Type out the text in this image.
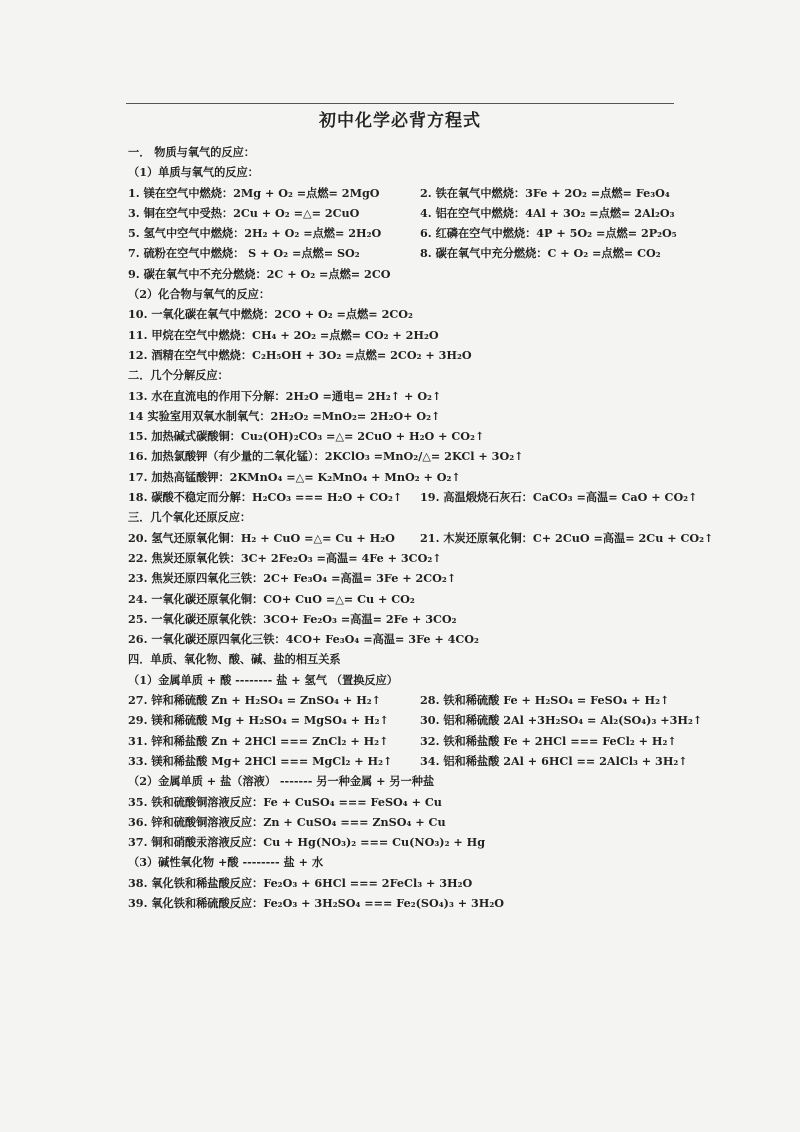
初中化学必背方程式
一． 物质与氧气的反应：
（1）单质与氧气的反应：
1. 镁在空气中燃烧：2Mg + O₂ =点燃= 2MgO	2. 铁在氧气中燃烧：3Fe + 2O₂ =点燃= Fe₃O₄
3. 铜在空气中受热：2Cu + O₂ =△= 2CuO	4. 铝在空气中燃烧：4Al + 3O₂ =点燃= 2Al₂O₃
5. 氢气中空气中燃烧：2H₂ + O₂ =点燃= 2H₂O	6. 红磷在空气中燃烧：4P + 5O₂ =点燃= 2P₂O₅
7. 硫粉在空气中燃烧： S + O₂ =点燃= SO₂	8. 碳在氧气中充分燃烧：C + O₂ =点燃= CO₂
9. 碳在氧气中不充分燃烧：2C + O₂ =点燃= 2CO
（2）化合物与氧气的反应：
10. 一氧化碳在氧气中燃烧：2CO + O₂ =点燃= 2CO₂
11. 甲烷在空气中燃烧：CH₄ + 2O₂ =点燃= CO₂ + 2H₂O
12. 酒精在空气中燃烧：C₂H₅OH + 3O₂ =点燃= 2CO₂ + 3H₂O
二．几个分解反应：
13. 水在直流电的作用下分解：2H₂O =通电= 2H₂↑ + O₂↑
14 实验室用双氧水制氧气：2H₂O₂ =MnO₂= 2H₂O+ O₂↑
15. 加热碱式碳酸铜：Cu₂(OH)₂CO₃ =△= 2CuO + H₂O + CO₂↑
16. 加热氯酸钾（有少量的二氧化锰）：2KClO₃ =MnO₂/△= 2KCl + 3O₂↑
17. 加热高锰酸钾：2KMnO₄ =△= K₂MnO₄ + MnO₂ + O₂↑
18. 碳酸不稳定而分解：H₂CO₃ === H₂O + CO₂↑ 19. 高温煅烧石灰石：CaCO₃ =高温= CaO + CO₂↑
三．几个氧化还原反应：
20. 氢气还原氧化铜：H₂ + CuO =△= Cu + H₂O 21. 木炭还原氧化铜：C+ 2CuO =高温= 2Cu + CO₂↑
22. 焦炭还原氧化铁：3C+ 2Fe₂O₃ =高温= 4Fe + 3CO₂↑
23. 焦炭还原四氧化三铁：2C+ Fe₃O₄ =高温= 3Fe + 2CO₂↑
24. 一氧化碳还原氧化铜：CO+ CuO =△= Cu + CO₂
25. 一氧化碳还原氧化铁：3CO+ Fe₂O₃ =高温= 2Fe + 3CO₂
26. 一氧化碳还原四氧化三铁：4CO+ Fe₃O₄ =高温= 3Fe + 4CO₂
四．单质、氧化物、酸、碱、盐的相互关系
（1）金属单质 + 酸 -------- 盐 + 氢气 （置换反应）
27. 锌和稀硫酸 Zn + H₂SO₄ = ZnSO₄ + H₂↑	28. 铁和稀硫酸 Fe + H₂SO₄ = FeSO₄ + H₂↑
29. 镁和稀硫酸 Mg + H₂SO₄ = MgSO₄ + H₂↑	30. 铝和稀硫酸 2Al +3H₂SO₄ = Al₂(SO₄)₃ +3H₂↑
31. 锌和稀盐酸 Zn + 2HCl === ZnCl₂ + H₂↑	32. 铁和稀盐酸 Fe + 2HCl === FeCl₂ + H₂↑
33. 镁和稀盐酸 Mg+ 2HCl === MgCl₂ + H₂↑ 34. 铝和稀盐酸 2Al + 6HCl == 2AlCl₃ + 3H₂↑
（2）金属单质 + 盐（溶液） ------- 另一种金属 + 另一种盐
35. 铁和硫酸铜溶液反应：Fe + CuSO₄ === FeSO₄ + Cu
36. 锌和硫酸铜溶液反应：Zn + CuSO₄ === ZnSO₄ + Cu
37. 铜和硝酸汞溶液反应：Cu + Hg(NO₃)₂ === Cu(NO₃)₂ + Hg
（3）碱性氧化物 +酸 -------- 盐 + 水
38. 氧化铁和稀盐酸反应：Fe₂O₃ + 6HCl === 2FeCl₃ + 3H₂O
39. 氧化铁和稀硫酸反应：Fe₂O₃ + 3H₂SO₄ === Fe₂(SO₄)₃ + 3H₂O
